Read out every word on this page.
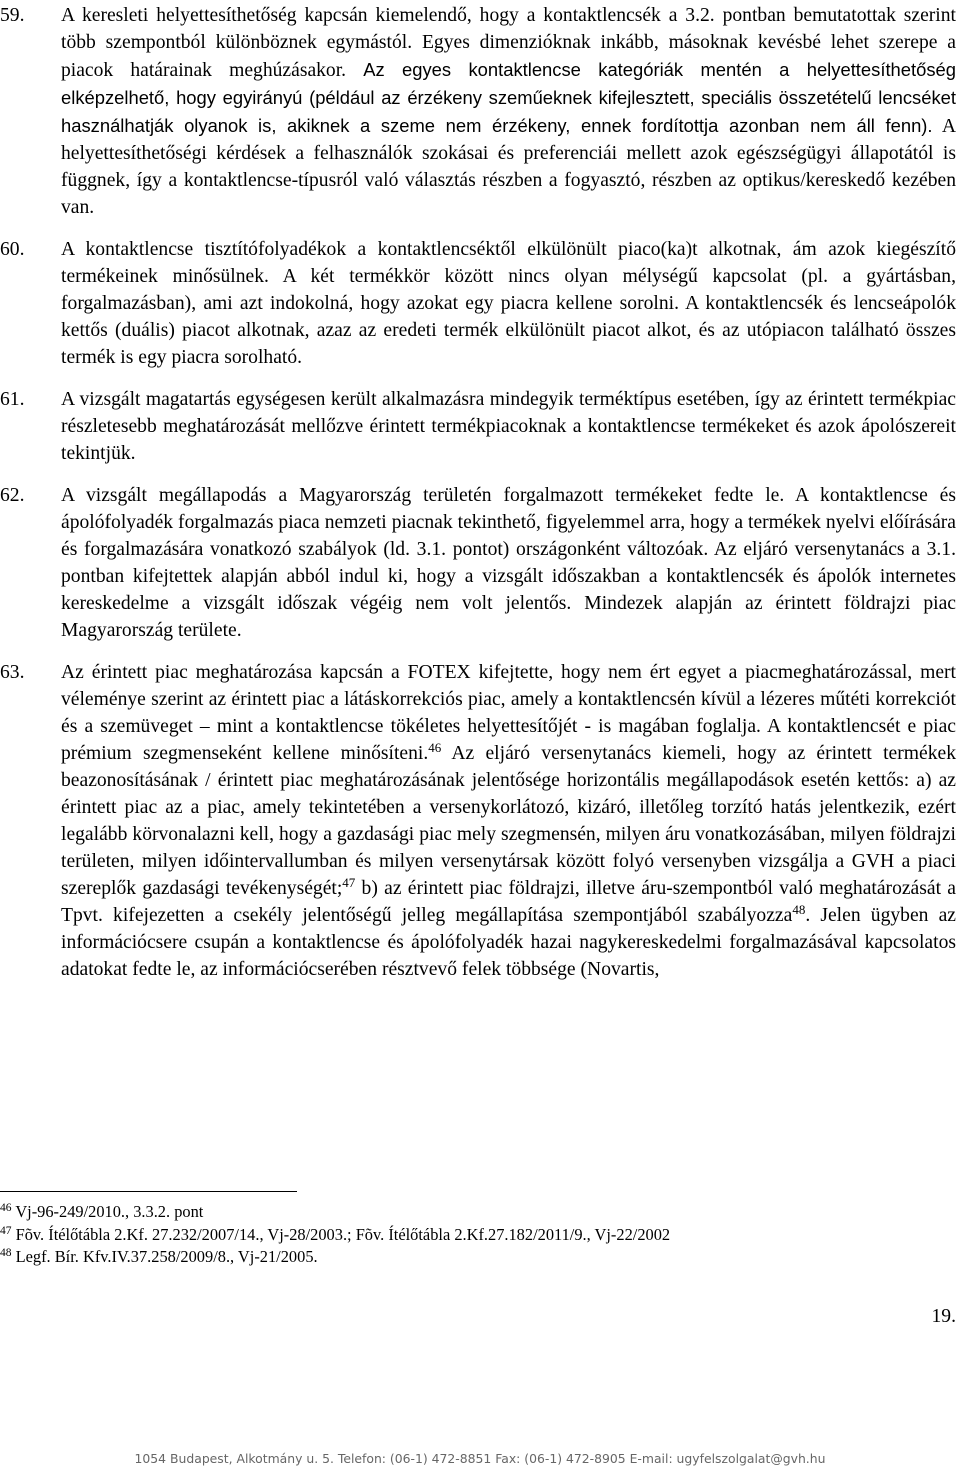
59. A keresleti helyettesíthetőség kapcsán kiemelendő, hogy a kontaktlencsék a 3.2. pontban bemutatottak szerint több szempontból különböznek egymástól. Egyes dimenzióknak inkább, másoknak kevésbé lehet szerepe a piacok határainak meghúzásakor. Az egyes kontaktlencse kategóriák mentén a helyettesíthetőség elképzelhető, hogy egyirányú (például az érzékeny szeműeknek kifejlesztett, speciális összetételű lencséket használhatják olyanok is, akiknek a szeme nem érzékeny, ennek fordítottja azonban nem áll fenn). A helyettesíthetőségi kérdések a felhasználók szokásai és preferenciái mellett azok egészségügyi állapotától is függnek, így a kontaktlencse-típusról való választás részben a fogyasztó, részben az optikus/kereskedő kezében van.

60. A kontaktlencse tisztítófolyadékok a kontaktlencséktől elkülönült piaco(ka)t alkotnak, ám azok kiegészítő termékeinek minősülnek. A két termékkör között nincs olyan mélységű kapcsolat (pl. a gyártásban, forgalmazásban), ami azt indokolná, hogy azokat egy piacra kellene sorolni. A kontaktlencsék és lencseápolók kettős (duális) piacot alkotnak, azaz az eredeti termék elkülönült piacot alkot, és az utópiacon található összes termék is egy piacra sorolható.

61. A vizsgált magatartás egységesen került alkalmazásra mindegyik terméktípus esetében, így az érintett termékpiac részletesebb meghatározását mellőzve érintett termékpiacoknak a kontaktlencse termékeket és azok ápolószereit tekintjük.

62. A vizsgált megállapodás a Magyarország területén forgalmazott termékeket fedte le. A kontaktlencse és ápolófolyadék forgalmazás piaca nemzeti piacnak tekinthető, figyelemmel arra, hogy a termékek nyelvi előírására és forgalmazására vonatkozó szabályok (ld. 3.1. pontot) országonként változóak. Az eljáró versenytanács a 3.1. pontban kifejtettek alapján abból indul ki, hogy a vizsgált időszakban a kontaktlencsék és ápolók internetes kereskedelme a vizsgált időszak végéig nem volt jelentős. Mindezek alapján az érintett földrajzi piac Magyarország területe.

63. Az érintett piac meghatározása kapcsán a FOTEX kifejtette, hogy nem ért egyet a piacmeghatározással, mert véleménye szerint az érintett piac a látáskorrekciós piac, amely a kontaktlencsén kívül a lézeres műtéti korrekciót és a szemüveget – mint a kontaktlencse tökéletes helyettesítőjét - is magában foglalja. A kontaktlencsét e piac prémium szegmenseként kellene minősíteni.$^{46}$ Az eljáró versenytanács kiemeli, hogy az érintett termékek beazonosításának / érintett piac meghatározásának jelentősége horizontális megállapodások esetén kettős: a) az érintett piac az a piac, amely tekintetében a versenykorlátozó, kizáró, illetőleg torzító hatás jelentkezik, ezért legalább körvonalazni kell, hogy a gazdasági piac mely szegmensén, milyen áru vonatkozásában, milyen földrajzi területen, milyen időintervallumban és milyen versenytársak között folyó versenyben vizsgálja a GVH a piaci szereplők gazdasági tevékenységét;$^{47}$ b) az érintett piac földrajzi, illetve áru-szempontból való meghatározását a Tpvt. kifejezetten a csekély jelentőségű jelleg megállapítása szempontjából szabályozza$^{48}$. Jelen ügyben az információcsere csupán a kontaktlencse és ápolófolyadék hazai nagykereskedelmi forgalmazásával kapcsolatos adatokat fedte le, az információcserében résztvevő felek többsége (Novartis,

$^{46}$ Vj-96-249/2010., 3.3.2. pont
$^{47}$ Fõv. Ítélőtábla 2.Kf. 27.232/2007/14., Vj-28/2003.; Fõv. Ítélőtábla 2.Kf.27.182/2011/9., Vj-22/2002
$^{48}$ Legf. Bír. Kfv.IV.37.258/2009/8., Vj-21/2005.
19.
1054 Budapest, Alkotmány u. 5. Telefon: (06-1) 472-8851 Fax: (06-1) 472-8905 E-mail: ugyfelszolgalat@gvh.hu
